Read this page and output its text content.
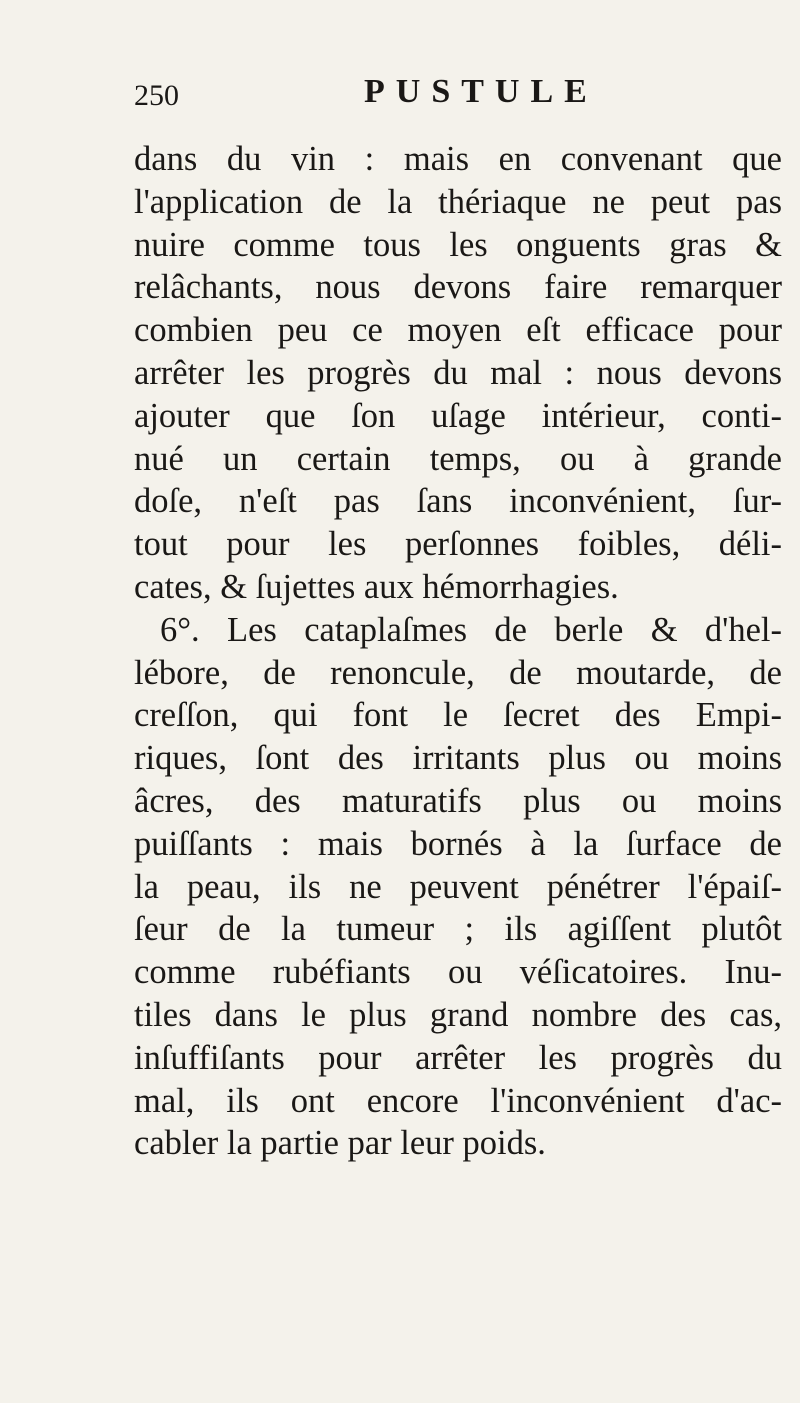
250	PUSTULE
dans du vin : mais en convenant que
l'application de la thériaque ne peut pas
nuire comme tous les onguents gras &
relâchants, nous devons faire remarquer
combien peu ce moyen eſt efficace pour
arrêter les progrès du mal : nous devons
ajouter que ſon uſage intérieur, conti-
nué un certain temps, ou à grande
doſe, n'eſt pas ſans inconvénient, ſur-
tout pour les perſonnes foibles, déli-
cates, & ſujettes aux hémorrhagies.
6°. Les cataplaſmes de berle & d'hel-
lébore, de renoncule, de moutarde, de
creſſon, qui font le ſecret des Empi-
riques, ſont des irritants plus ou moins
âcres, des maturatifs plus ou moins
puiſſants : mais bornés à la ſurface de
la peau, ils ne peuvent pénétrer l'épaiſ-
ſeur de la tumeur ; ils agiſſent plutôt
comme rubéfiants ou véſicatoires. Inu-
tiles dans le plus grand nombre des cas,
inſuffiſants pour arrêter les progrès du
mal, ils ont encore l'inconvénient d'ac-
cabler la partie par leur poids.
